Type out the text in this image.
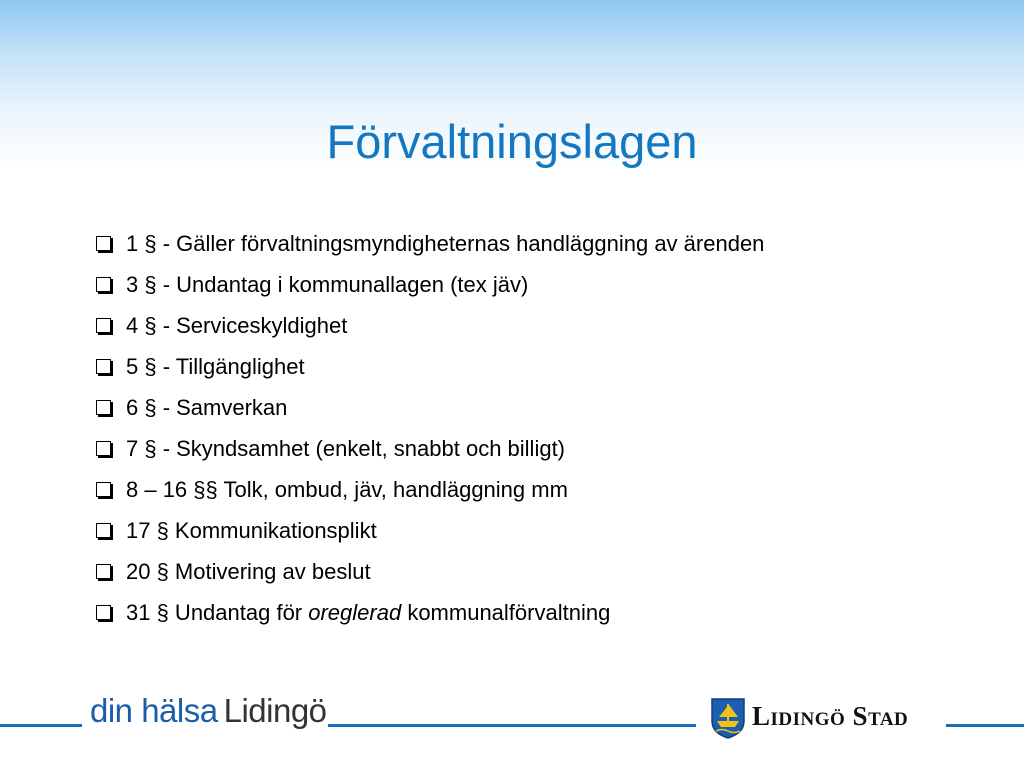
Förvaltningslagen
1 § - Gäller förvaltningsmyndigheternas handläggning av ärenden
3 § - Undantag i kommunallagen (tex jäv)
4 § - Serviceskyldighet
5 § - Tillgänglighet
6 § - Samverkan
7 § - Skyndsamhet (enkelt, snabbt och billigt)
8 – 16 §§ Tolk, ombud, jäv, handläggning mm
17 § Kommunikationsplikt
20 § Motivering av beslut
31 § Undantag för oreglerad kommunalförvaltning
din hälsa Lidingö	Lidingö Stad
